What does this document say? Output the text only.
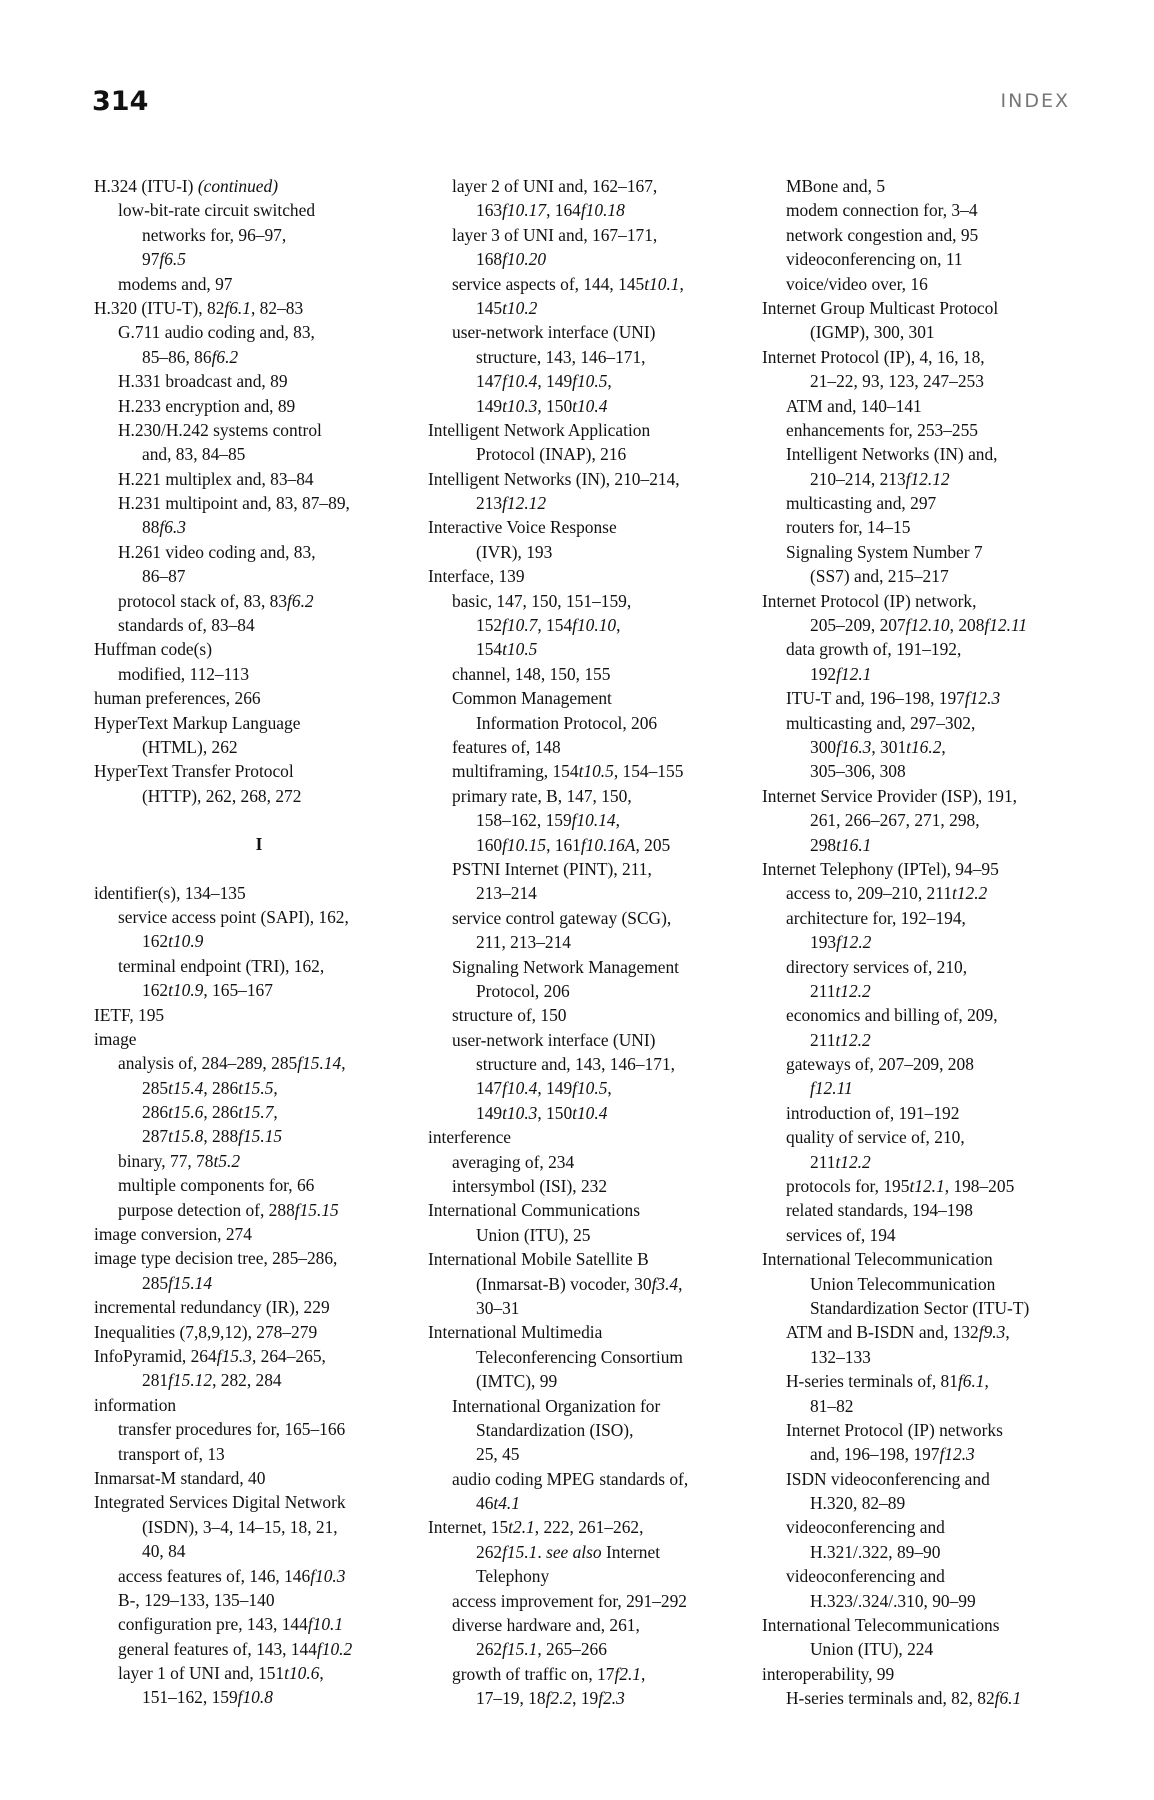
314	INDEX
H.324 (ITU-I) (continued)
low-bit-rate circuit switched
networks for, 96–97,
97f6.5
modems and, 97
H.320 (ITU-T), 82f6.1, 82–83
G.711 audio coding and, 83,
85–86, 86f6.2
H.331 broadcast and, 89
H.233 encryption and, 89
H.230/H.242 systems control
and, 83, 84–85
H.221 multiplex and, 83–84
H.231 multipoint and, 83, 87–89,
88f6.3
H.261 video coding and, 83,
86–87
protocol stack of, 83, 83f6.2
standards of, 83–84
Huffman code(s)
modified, 112–113
human preferences, 266
HyperText Markup Language
(HTML), 262
HyperText Transfer Protocol
(HTTP), 262, 268, 272
I
identifier(s), 134–135
service access point (SAPI), 162,
162t10.9
terminal endpoint (TRI), 162,
162t10.9, 165–167
IETF, 195
image
analysis of, 284–289, 285f15.14,
285t15.4, 286t15.5,
286t15.6, 286t15.7,
287t15.8, 288f15.15
binary, 77, 78t5.2
multiple components for, 66
purpose detection of, 288f15.15
image conversion, 274
image type decision tree, 285–286,
285f15.14
incremental redundancy (IR), 229
Inequalities (7,8,9,12), 278–279
InfoPyramid, 264f15.3, 264–265,
281f15.12, 282, 284
information
transfer procedures for, 165–166
transport of, 13
Inmarsat-M standard, 40
Integrated Services Digital Network
(ISDN), 3–4, 14–15, 18, 21,
40, 84
access features of, 146, 146f10.3
B-, 129–133, 135–140
configuration pre, 143, 144f10.1
general features of, 143, 144f10.2
layer 1 of UNI and, 151t10.6,
151–162, 159f10.8
layer 2 of UNI and, 162–167,
163f10.17, 164f10.18
layer 3 of UNI and, 167–171,
168f10.20
service aspects of, 144, 145t10.1,
145t10.2
user-network interface (UNI)
structure, 143, 146–171,
147f10.4, 149f10.5,
149t10.3, 150t10.4
Intelligent Network Application
Protocol (INAP), 216
Intelligent Networks (IN), 210–214,
213f12.12
Interactive Voice Response
(IVR), 193
Interface, 139
basic, 147, 150, 151–159,
152f10.7, 154f10.10,
154t10.5
channel, 148, 150, 155
Common Management
Information Protocol, 206
features of, 148
multiframing, 154t10.5, 154–155
primary rate, B, 147, 150,
158–162, 159f10.14,
160f10.15, 161f10.16A, 205
PSTNI Internet (PINT), 211,
213–214
service control gateway (SCG),
211, 213–214
Signaling Network Management
Protocol, 206
structure of, 150
user-network interface (UNI)
structure and, 143, 146–171,
147f10.4, 149f10.5,
149t10.3, 150t10.4
interference
averaging of, 234
intersymbol (ISI), 232
International Communications
Union (ITU), 25
International Mobile Satellite B
(Inmarsat-B) vocoder, 30f3.4,
30–31
International Multimedia
Teleconferencing Consortium
(IMTC), 99
International Organization for
Standardization (ISO),
25, 45
audio coding MPEG standards of,
46t4.1
Internet, 15t2.1, 222, 261–262,
262f15.1. see also Internet
Telephony
access improvement for, 291–292
diverse hardware and, 261,
262f15.1, 265–266
growth of traffic on, 17f2.1,
17–19, 18f2.2, 19f2.3
MBone and, 5
modem connection for, 3–4
network congestion and, 95
videoconferencing on, 11
voice/video over, 16
Internet Group Multicast Protocol
(IGMP), 300, 301
Internet Protocol (IP), 4, 16, 18,
21–22, 93, 123, 247–253
ATM and, 140–141
enhancements for, 253–255
Intelligent Networks (IN) and,
210–214, 213f12.12
multicasting and, 297
routers for, 14–15
Signaling System Number 7
(SS7) and, 215–217
Internet Protocol (IP) network,
205–209, 207f12.10, 208f12.11
data growth of, 191–192,
192f12.1
ITU-T and, 196–198, 197f12.3
multicasting and, 297–302,
300f16.3, 301t16.2,
305–306, 308
Internet Service Provider (ISP), 191,
261, 266–267, 271, 298,
298t16.1
Internet Telephony (IPTel), 94–95
access to, 209–210, 211t12.2
architecture for, 192–194,
193f12.2
directory services of, 210,
211t12.2
economics and billing of, 209,
211t12.2
gateways of, 207–209, 208
f12.11
introduction of, 191–192
quality of service of, 210,
211t12.2
protocols for, 195t12.1, 198–205
related standards, 194–198
services of, 194
International Telecommunication
Union Telecommunication
Standardization Sector (ITU-T)
ATM and B-ISDN and, 132f9.3,
132–133
H-series terminals of, 81f6.1,
81–82
Internet Protocol (IP) networks
and, 196–198, 197f12.3
ISDN videoconferencing and
H.320, 82–89
videoconferencing and
H.321/.322, 89–90
videoconferencing and
H.323/.324/.310, 90–99
International Telecommunications
Union (ITU), 224
interoperability, 99
H-series terminals and, 82, 82f6.1
